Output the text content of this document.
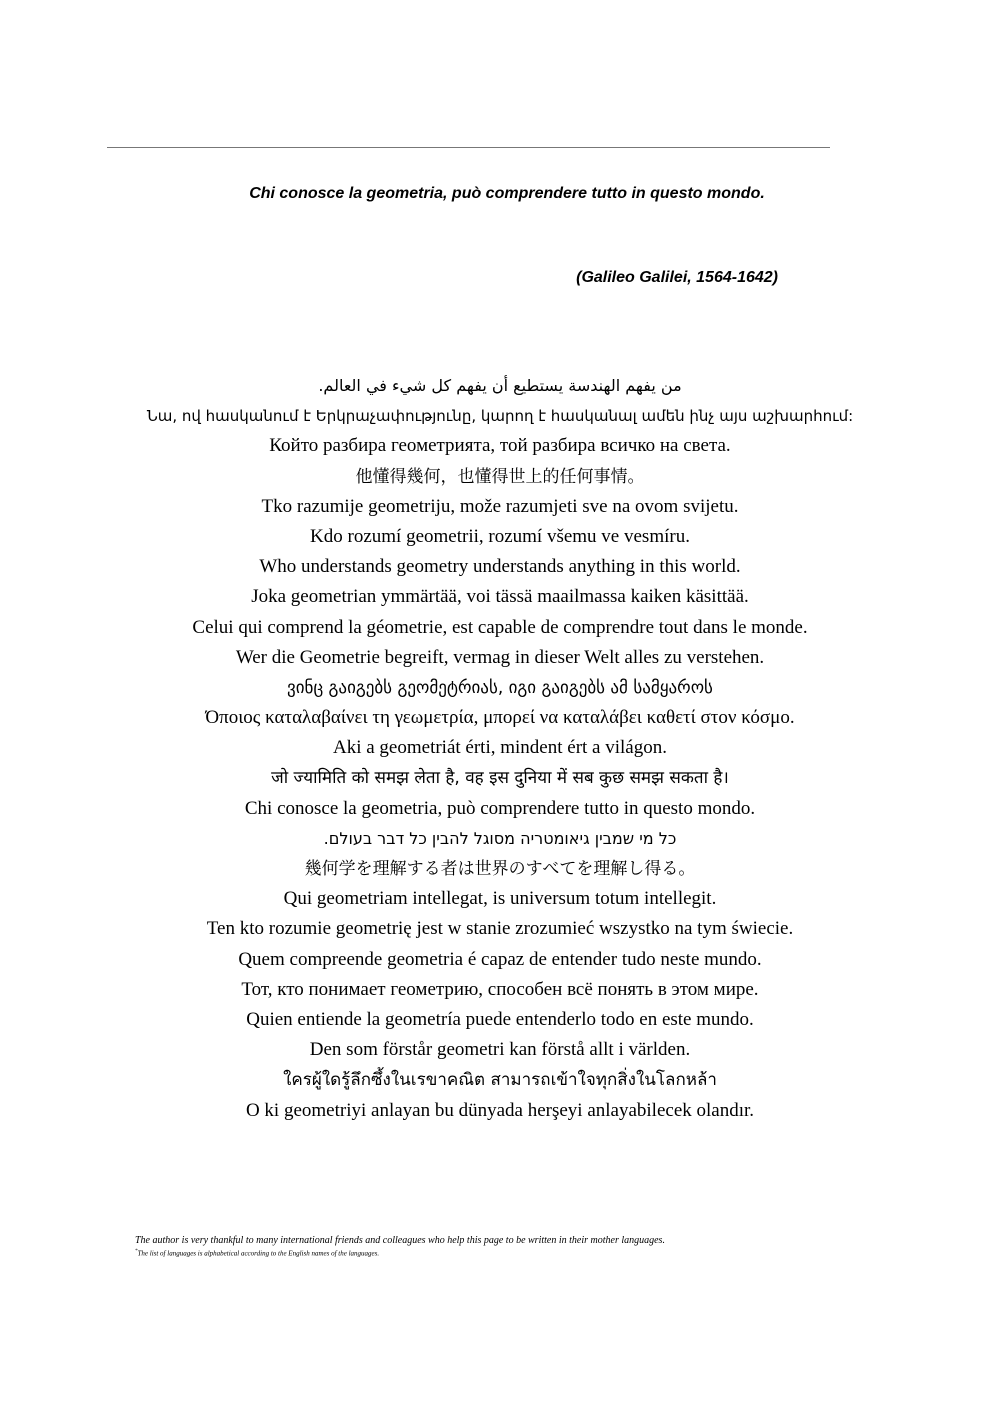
Chi conosce la geometria, può comprendere tutto in questo mondo.
(Galileo Galilei, 1564-1642)
من يفهم الهندسة يستطيع أن يفهم كل شيء في العالم.
Նա, ով հասկանում է Երկրաչափությունը, կարող է հասկանալ ամեն ինչ այս աշխարհում:
Който разбира геометрията, той разбира всичко на света.
他懂得幾何，也懂得世上的任何事情。
Tko razumije geometriju, može razumjeti sve na ovom svijetu.
Kdo rozumí geometrii, rozumí všemu ve vesmíru.
Who understands geometry understands anything in this world.
Joka geometrian ymmärtää, voi tässä maailmassa kaiken käsittää.
Celui qui comprend la géometrie, est capable de comprendre tout dans le monde.
Wer die Geometrie begreift, vermag in dieser Welt alles zu verstehen.
ვინც გაიგებს გეომეტრიას, იგი გაიგებს ამ სამყაროს
Όποιος καταλαβαίνει τη γεωμετρία, μπορεί να καταλάβει καθετί στον κόσμο.
Aki a geometriát érti, mindent ért a világon.
जो ज्यामिति को समझ लेता है, वह इस दुनिया में सब कुछ समझ सकता है।
Chi conosce la geometria, può comprendere tutto in questo mondo.
כל מי שמבין גיאומטריה מסוגל להבין כל דבר בעולם.
幾何学を理解する者は世界のすべてを理解し得る。
Qui geometriam intellegat, is universum totum intellegit.
Ten kto rozumie geometrię jest w stanie zrozumieć wszystko na tym świecie.
Quem compreende geometria é capaz de entender tudo neste mundo.
Тот, кто понимает геометрию, способен всё понять в этом мире.
Quien entiende la geometría puede entenderlo todo en este mundo.
Den som förstår geometri kan förstå allt i världen.
ใครผู้ใดรู้ลึกซึ้งในเรขาคณิต สามารถเข้าใจทุกสิ่งในโลกหล้า
O ki geometriyi anlayan bu dünyada herşeyi anlayabilecek olandır.
The author is very thankful to many international friends and colleagues who help this page to be written in their mother languages.
*The list of languages is alphabetical according to the English names of the languages.
